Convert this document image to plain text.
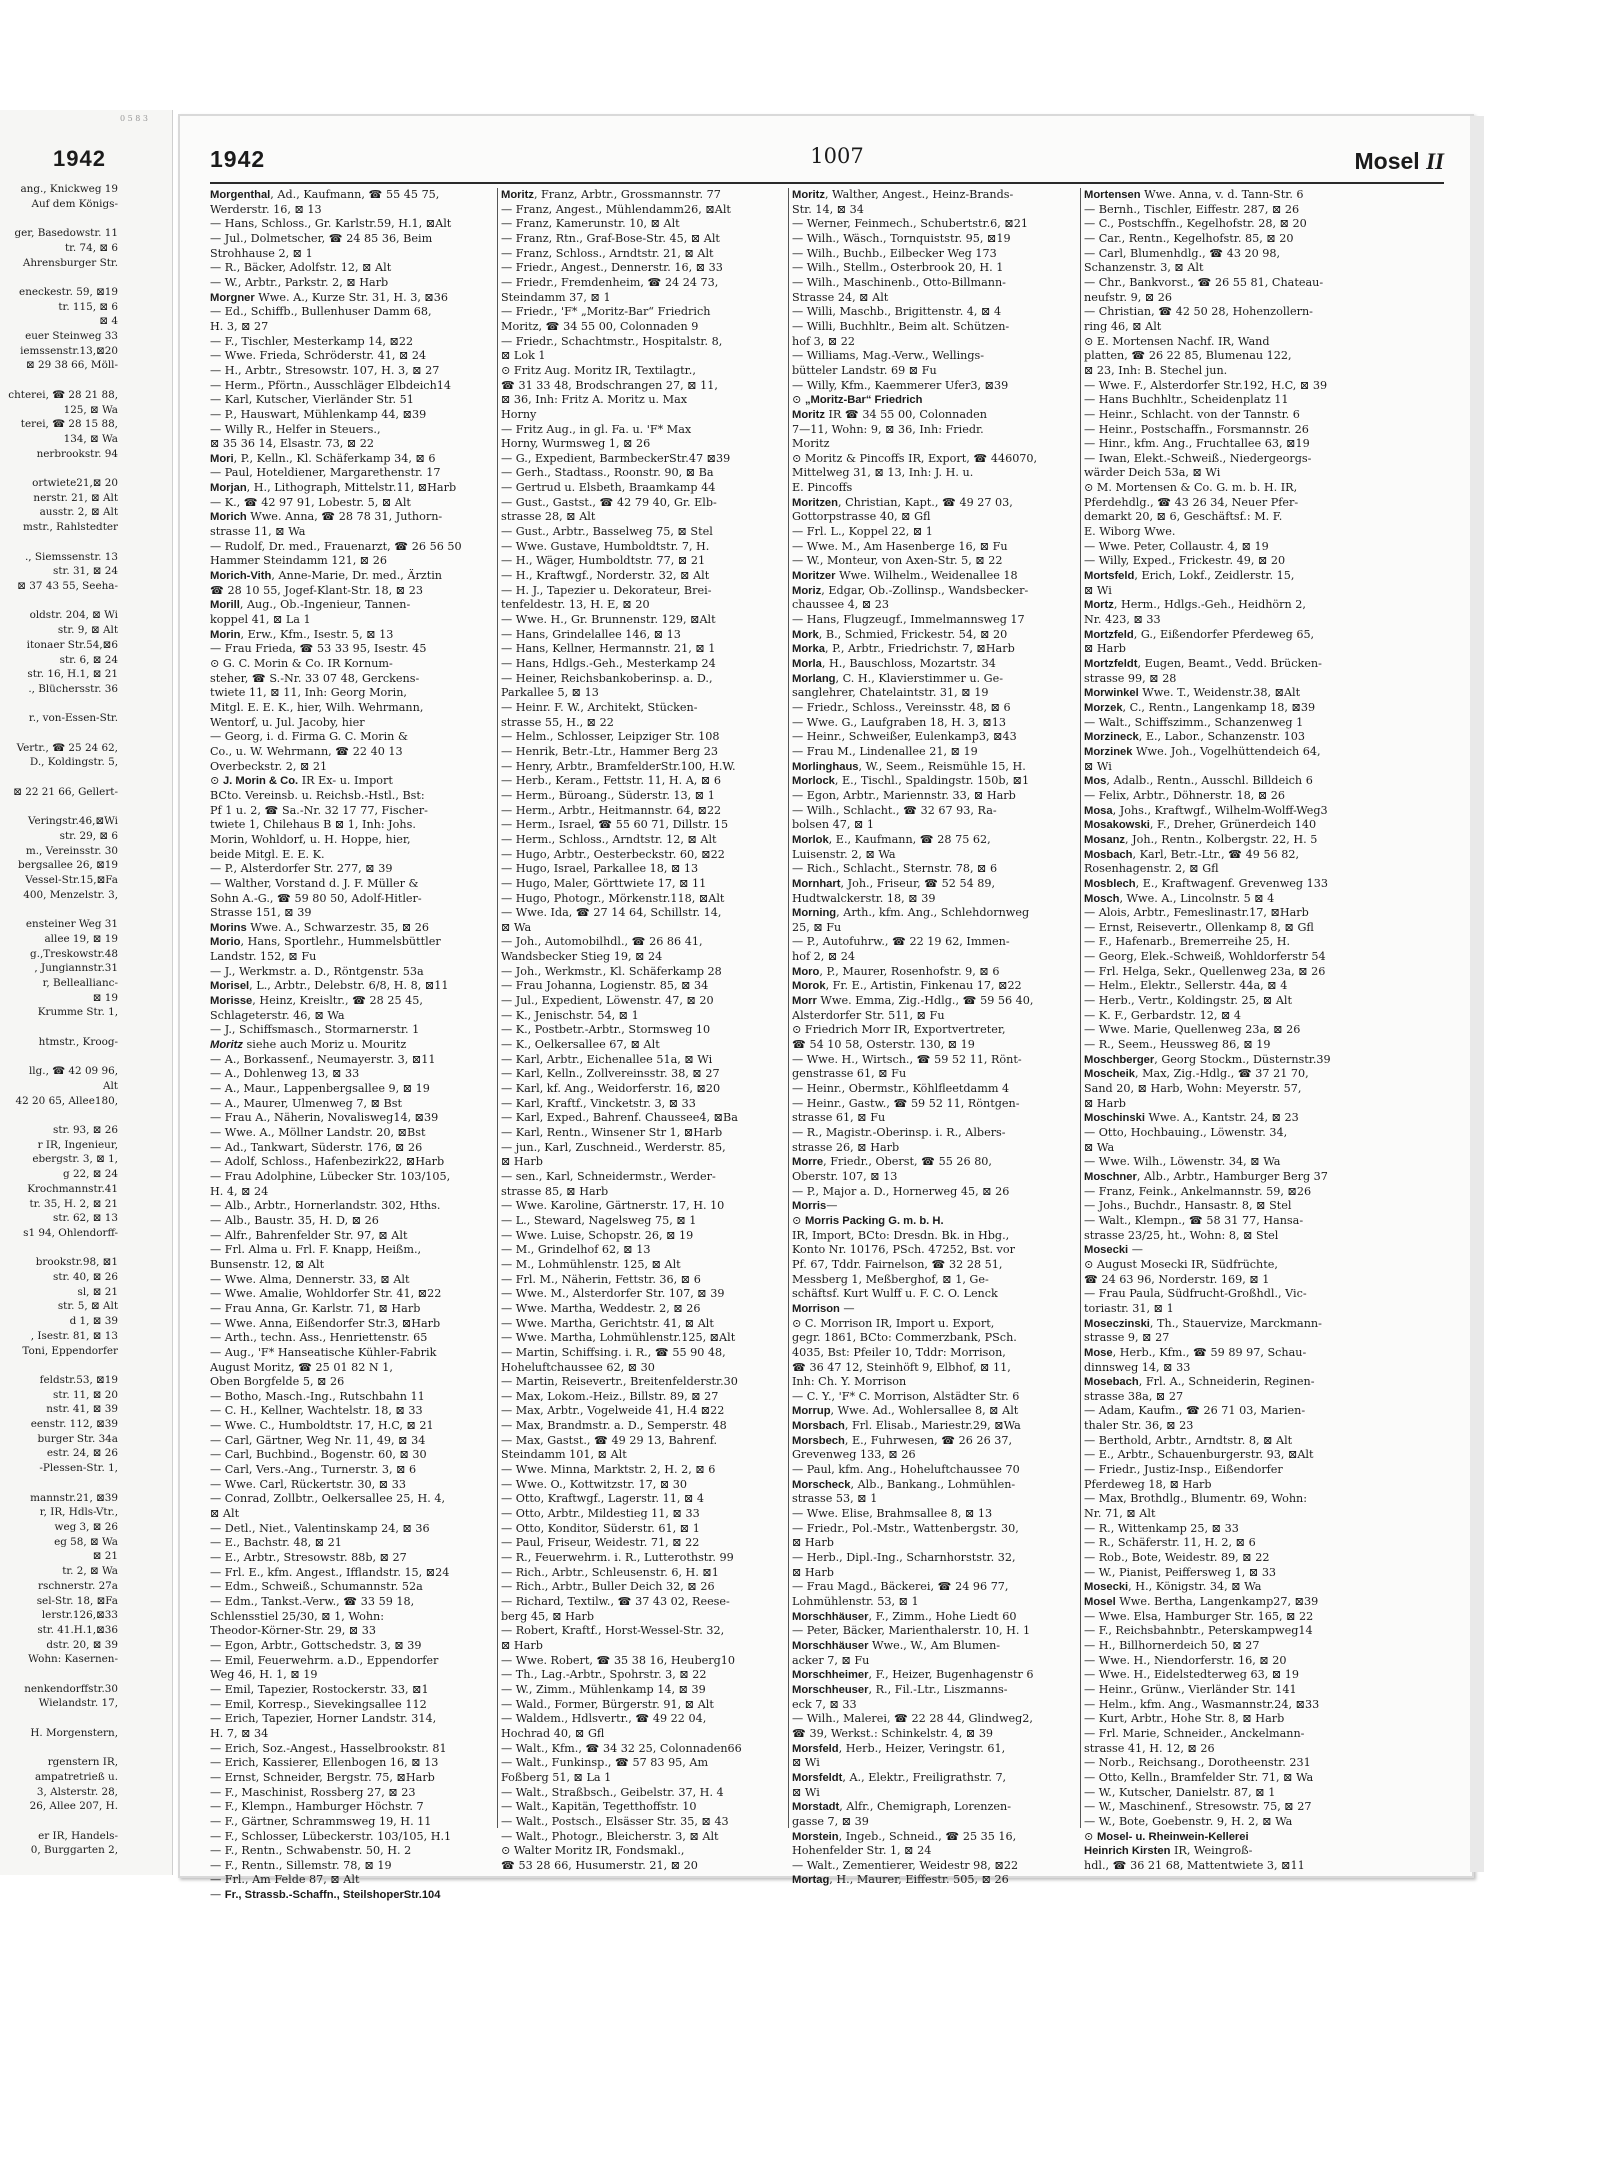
0 5 8 3
1942
ang., Knickweg 19
Auf dem Königs-

ger, Basedowstr. 11
tr. 74, ⊠ 6
Ahrensburger Str.

eneckestr. 59, ⊠19
tr. 115, ⊠ 6
⊠ 4
euer Steinweg 33
iemssenstr.13,⊠20
⊠ 29 38 66, Möll-

chterei, ☎ 28 21 88,
125, ⊠ Wa
terei, ☎ 28 15 88,
134, ⊠ Wa
nerbrookstr. 94

ortwiete21,⊠ 20
nerstr. 21, ⊠ Alt
ausstr. 2, ⊠ Alt
mstr., Rahlstedter

., Siemssenstr. 13
str. 31, ⊠ 24
⊠ 37 43 55, Seeha-

oldstr. 204, ⊠ Wi
str. 9, ⊠ Alt
itonaer Str.54,⊠6
str. 6, ⊠ 24
str. 16, H.1, ⊠ 21
., Blüchersstr. 36

r., von-Essen-Str.

Vertr., ☎ 25 24 62,
D., Koldingstr. 5,

⊠ 22 21 66, Gellert-

Veringstr.46,⊠Wi
str. 29, ⊠ 6
m., Vereinsstr. 30
bergsallee 26, ⊠19
Vessel-Str.15,⊠Fa
400, Menzelstr. 3,

ensteiner Weg 31
allee 19, ⊠ 19
g.,Treskowstr.48
, Jungiannstr.31
r, Belleallianc-
⊠ 19
Krumme Str. 1,

htmstr., Kroog-

llg., ☎ 42 09 96,
Alt
42 20 65, Allee180,

str. 93, ⊠ 26
r IR, Ingenieur,
ebergstr. 3, ⊠ 1,
g 22, ⊠ 24
Krochmannstr.41
tr. 35, H. 2, ⊠ 21
str. 62, ⊠ 13
s1 94, Ohlendorff-

brookstr.98, ⊠1
str. 40, ⊠ 26
sl, ⊠ 21
str. 5, ⊠ Alt
d 1, ⊠ 39
, Isestr. 81, ⊠ 13
Toni, Eppendorfer

feldstr.53, ⊠19
str. 11, ⊠ 20
nstr. 41, ⊠ 39
eenstr. 112, ⊠39
burger Str. 34a
estr. 24, ⊠ 26
-Plessen-Str. 1,

mannstr.21, ⊠39
r, IR, Hdls-Vtr.,
weg 3, ⊠ 26
eg 58, ⊠ Wa
⊠ 21
tr. 2, ⊠ Wa
rschnerstr. 27a
sel-Str. 18, ⊠Fa
lerstr.126,⊠33
str. 41.H.1,⊠36
dstr. 20, ⊠ 39
Wohn: Kasernen-

nenkendorffstr.30
Wielandstr. 17,

H. Morgenstern,

rgenstern IR,
ampatretrieß u.
3, Alsterstr. 28,
26, Allee 207, H.

er IR, Handels-
0, Burggarten 2,
1942	1007	Mosel II
Morgenthal, Ad., Kaufmann, ☎ 55 45 75,
Werderstr. 16, ⊠ 13
— Hans, Schloss., Gr. Karlstr.59, H.1, ⊠Alt
— Jul., Dolmetscher, ☎ 24 85 36, Beim
Strohhause 2, ⊠ 1
— R., Bäcker, Adolfstr. 12, ⊠ Alt
— W., Arbtr., Parkstr. 2, ⊠ Harb
Morgner Wwe. A., Kurze Str. 31, H. 3, ⊠36
— Ed., Schiffb., Bullenhuser Damm 68,
H. 3, ⊠ 27
— F., Tischler, Mesterkamp 14, ⊠22
— Wwe. Frieda, Schröderstr. 41, ⊠ 24
— H., Arbtr., Stresowstr. 107, H. 3, ⊠ 27
— Herm., Pförtn., Ausschläger Elbdeich14
— Karl, Kutscher, Vierländer Str. 51
— P., Hauswart, Mühlenkamp 44, ⊠39
— Willy R., Helfer in Steuers.,
⊠ 35 36 14, Elsastr. 73, ⊠ 22
Mori, P., Kelln., Kl. Schäferkamp 34, ⊠ 6
— Paul, Hoteldiener, Margarethenstr. 17
Morjan, H., Lithograph, Mittelstr.11, ⊠Harb
— K., ☎ 42 97 91, Lobestr. 5, ⊠ Alt
Morich Wwe. Anna, ☎ 28 78 31, Juthorn-
strasse 11, ⊠ Wa
— Rudolf, Dr. med., Frauenarzt, ☎ 26 56 50
Hammer Steindamm 121, ⊠ 26
Morich-Vith, Anne-Marie, Dr. med., Ärztin
☎ 28 10 55, Jogef-Klant-Str. 18, ⊠ 23
Morill, Aug., Ob.-Ingenieur, Tannen-
koppel 41, ⊠ La 1
Morin, Erw., Kfm., Isestr. 5, ⊠ 13
— Frau Frieda, ☎ 53 33 95, Isestr. 45
⊙ G. C. Morin & Co. IR Kornum-
steher, ☎ S.-Nr. 33 07 48, Gerckens-
twiete 11, ⊠ 11, Inh: Georg Morin,
Mitgl. E. E. K., hier, Wilh. Wehrmann,
Wentorf, u. Jul. Jacoby, hier
— Georg, i. d. Firma G. C. Morin &
Co., u. W. Wehrmann, ☎ 22 40 13
Overbeckstr. 2, ⊠ 21
⊙ J. Morin & Co. IR Ex- u. Import
BCto. Vereinsb. u. Reichsb.-Hstl., Bst:
Pf 1 u. 2, ☎ Sa.-Nr. 32 17 77, Fischer-
twiete 1, Chilehaus B ⊠ 1, Inh: Johs.
Morin, Wohldorf, u. H. Hoppe, hier,
beide Mitgl. E. E. K.
— P., Alsterdorfer Str. 277, ⊠ 39
— Walther, Vorstand d. J. F. Müller &
Sohn A.-G., ☎ 59 80 50, Adolf-Hitler-
Strasse 151, ⊠ 39
Morins Wwe. A., Schwarzestr. 35, ⊠ 26
Morio, Hans, Sportlehr., Hummelsbüttler
Landstr. 152, ⊠ Fu
— J., Werkmstr. a. D., Röntgenstr. 53a
Morisel, L., Arbtr., Delebstr. 6/8, H. 8, ⊠11
Morisse, Heinz, Kreisltr., ☎ 28 25 45,
Schlageterstr. 46, ⊠ Wa
— J., Schiffsmasch., Stormarnerstr. 1
Moritz siehe auch Moriz u. Mouritz
— A., Borkassenf., Neumayerstr. 3, ⊠11
— A., Dohlenweg 13, ⊠ 33
— A., Maur., Lappenbergsallee 9, ⊠ 19
— A., Maurer, Ulmenweg 7, ⊠ Bst
— Frau A., Näherin, Novalisweg14, ⊠39
— Wwe. A., Möllner Landstr. 20, ⊠Bst
— Ad., Tankwart, Süderstr. 176, ⊠ 26
— Adolf, Schloss., Hafenbezirk22, ⊠Harb
— Frau Adolphine, Lübecker Str. 103/105,
H. 4, ⊠ 24
— Alb., Arbtr., Hornerlandstr. 302, Hths.
— Alb., Baustr. 35, H. D, ⊠ 26
— Alfr., Bahrenfelder Str. 97, ⊠ Alt
— Frl. Alma u. Frl. F. Knapp, Heißm.,
Bunsenstr. 12, ⊠ Alt
— Wwe. Alma, Dennerstr. 33, ⊠ Alt
— Wwe. Amalie, Wohldorfer Str. 41, ⊠22
— Frau Anna, Gr. Karlstr. 71, ⊠ Harb
— Wwe. Anna, Eißendorfer Str.3, ⊠Harb
— Arth., techn. Ass., Henriettenstr. 65
— Aug., 'F* Hanseatische Kühler-Fabrik
August Moritz, ☎ 25 01 82 N 1,
Oben Borgfelde 5, ⊠ 26
— Botho, Masch.-Ing., Rutschbahn 11
— C. H., Kellner, Wachtelstr. 18, ⊠ 33
— Wwe. C., Humboldtstr. 17, H.C, ⊠ 21
— Carl, Gärtner, Weg Nr. 11, 49, ⊠ 34
— Carl, Buchbind., Bogenstr. 60, ⊠ 30
— Carl, Vers.-Ang., Turnerstr. 3, ⊠ 6
— Wwe. Carl, Rückertstr. 30, ⊠ 33
— Conrad, Zollbtr., Oelkersallee 25, H. 4,
⊠ Alt
— Detl., Niet., Valentinskamp 24, ⊠ 36
— E., Bachstr. 48, ⊠ 21
— E., Arbtr., Stresowstr. 88b, ⊠ 27
— Frl. E., kfm. Angest., Ifflandstr. 15, ⊠24
— Edm., Schweiß., Schumannstr. 52a
— Edm., Tankst.-Verw., ☎ 33 59 18,
Schlensstiel 25/30, ⊠ 1, Wohn:
Theodor-Körner-Str. 29, ⊠ 33
— Egon, Arbtr., Gottschedstr. 3, ⊠ 39
— Emil, Feuerwehrm. a.D., Eppendorfer
Weg 46, H. 1, ⊠ 19
— Emil, Tapezier, Rostockerstr. 33, ⊠1
— Emil, Korresp., Sievekingsallee 112
— Erich, Tapezier, Horner Landstr. 314,
H. 7, ⊠ 34
— Erich, Soz.-Angest., Hasselbrookstr. 81
— Erich, Kassierer, Ellenbogen 16, ⊠ 13
— Ernst, Schneider, Bergstr. 75, ⊠Harb
— F., Maschinist, Rossberg 27, ⊠ 23
— F., Klempn., Hamburger Höchstr. 7
— F., Gärtner, Schrammsweg 19, H. 11
— F., Schlosser, Lübeckerstr. 103/105, H.1
— F., Rentn., Schwabenstr. 50, H. 2
— F., Rentn., Sillemstr. 78, ⊠ 19
— Frl., Am Felde 87, ⊠ Alt
— Fr., Strassb.-Schaffn., SteilshoperStr.104
Moritz, Franz, Arbtr., Grossmannstr. 77
— Franz, Angest., Mühlendamm26, ⊠Alt
— Franz, Kamerunstr. 10, ⊠ Alt
— Franz, Rtn., Graf-Bose-Str. 45, ⊠ Alt
— Franz, Schloss., Arndtstr. 21, ⊠ Alt
— Friedr., Angest., Dennerstr. 16, ⊠ 33
— Friedr., Fremdenheim, ☎ 24 24 73,
Steindamm 37, ⊠ 1
— Friedr., 'F* „Moritz-Bar“ Friedrich
Moritz, ☎ 34 55 00, Colonnaden 9
— Friedr., Schachtmstr., Hospitalstr. 8,
⊠ Lok 1
⊙ Fritz Aug. Moritz IR, Textilagtr.,
☎ 31 33 48, Brodschrangen 27, ⊠ 11,
⊠ 36, Inh: Fritz A. Moritz u. Max
Horny
— Fritz Aug., in gl. Fa. u. 'F* Max
Horny, Wurmsweg 1, ⊠ 26
— G., Expedient, BarmbeckerStr.47 ⊠39
— Gerh., Stadtass., Roonstr. 90, ⊠ Ba
— Gertrud u. Elsbeth, Braamkamp 44
— Gust., Gastst., ☎ 42 79 40, Gr. Elb-
strasse 28, ⊠ Alt
— Gust., Arbtr., Basselweg 75, ⊠ Stel
— Wwe. Gustave, Humboldtstr. 7, H.
— H., Wäger, Humboldtstr. 77, ⊠ 21
— H., Kraftwgf., Norderstr. 32, ⊠ Alt
— H. J., Tapezier u. Dekorateur, Brei-
tenfeldestr. 13, H. E, ⊠ 20
— Wwe. H., Gr. Brunnenstr. 129, ⊠Alt
— Hans, Grindelallee 146, ⊠ 13
— Hans, Kellner, Hermannstr. 21, ⊠ 1
— Hans, Hdlgs.-Geh., Mesterkamp 24
— Heiner, Reichsbankoberinsp. a. D.,
Parkallee 5, ⊠ 13
— Heinr. F. W., Architekt, Stücken-
strasse 55, H., ⊠ 22
— Helm., Schlosser, Leipziger Str. 108
— Henrik, Betr.-Ltr., Hammer Berg 23
— Henry, Arbtr., BramfelderStr.100, H.W.
— Herb., Keram., Fettstr. 11, H. A, ⊠ 6
— Herm., Büroang., Süderstr. 13, ⊠ 1
— Herm., Arbtr., Heitmannstr. 64, ⊠22
— Herm., Israel, ☎ 55 60 71, Dillstr. 15
— Herm., Schloss., Arndtstr. 12, ⊠ Alt
— Hugo, Arbtr., Oesterbeckstr. 60, ⊠22
— Hugo, Israel, Parkallee 18, ⊠ 13
— Hugo, Maler, Görttwiete 17, ⊠ 11
— Hugo, Photogr., Mörkenstr.118, ⊠Alt
— Wwe. Ida, ☎ 27 14 64, Schillstr. 14,
⊠ Wa
— Joh., Automobilhdl., ☎ 26 86 41,
Wandsbecker Stieg 19, ⊠ 24
— Joh., Werkmstr., Kl. Schäferkamp 28
— Frau Johanna, Logienstr. 85, ⊠ 34
— Jul., Expedient, Löwenstr. 47, ⊠ 20
— K., Jenischstr. 54, ⊠ 1
— K., Postbetr.-Arbtr., Stormsweg 10
— K., Oelkersallee 67, ⊠ Alt
— Karl, Arbtr., Eichenallee 51a, ⊠ Wi
— Karl, Kelln., Zollvereinsstr. 38, ⊠ 27
— Karl, kf. Ang., Weidorferstr. 16, ⊠20
— Karl, Kraftf., Vincketstr. 3, ⊠ 33
— Karl, Exped., Bahrenf. Chaussee4, ⊠Ba
— Karl, Rentn., Winsener Str 1, ⊠Harb
— jun., Karl, Zuschneid., Werderstr. 85,
⊠ Harb
— sen., Karl, Schneidermstr., Werder-
strasse 85, ⊠ Harb
— Wwe. Karoline, Gärtnerstr. 17, H. 10
— L., Steward, Nagelsweg 75, ⊠ 1
— Wwe. Luise, Schopstr. 26, ⊠ 19
— M., Grindelhof 62, ⊠ 13
— M., Lohmühlenstr. 125, ⊠ Alt
— Frl. M., Näherin, Fettstr. 36, ⊠ 6
— Wwe. M., Alsterdorfer Str. 107, ⊠ 39
— Wwe. Martha, Weddestr. 2, ⊠ 26
— Wwe. Martha, Gerichtstr. 41, ⊠ Alt
— Wwe. Martha, Lohmühlenstr.125, ⊠Alt
— Martin, Schiffsing. i. R., ☎ 55 90 48,
Hoheluftchaussee 62, ⊠ 30
— Martin, Reisevertr., Breitenfelderstr.30
— Max, Lokom.-Heiz., Billstr. 89, ⊠ 27
— Max, Arbtr., Vogelweide 41, H.4 ⊠22
— Max, Brandmstr. a. D., Semperstr. 48
— Max, Gastst., ☎ 49 29 13, Bahrenf.
Steindamm 101, ⊠ Alt
— Wwe. Minna, Marktstr. 2, H. 2, ⊠ 6
— Wwe. O., Kottwitzstr. 17, ⊠ 30
— Otto, Kraftwgf., Lagerstr. 11, ⊠ 4
— Otto, Arbtr., Mildestieg 11, ⊠ 33
— Otto, Konditor, Süderstr. 61, ⊠ 1
— Paul, Friseur, Weidestr. 71, ⊠ 22
— R., Feuerwehrm. i. R., Lutterothstr. 99
— Rich., Arbtr., Schleusenstr. 6, H. ⊠1
— Rich., Arbtr., Buller Deich 32, ⊠ 26
— Richard, Textilw., ☎ 37 43 02, Reese-
berg 45, ⊠ Harb
— Robert, Kraftf., Horst-Wessel-Str. 32,
⊠ Harb
— Wwe. Robert, ☎ 35 38 16, Heuberg10
— Th., Lag.-Arbtr., Spohrstr. 3, ⊠ 22
— W., Zimm., Mühlenkamp 14, ⊠ 39
— Wald., Former, Bürgerstr. 91, ⊠ Alt
— Waldem., Hdlsvertr., ☎ 49 22 04,
Hochrad 40, ⊠ Gfl
— Walt., Kfm., ☎ 34 32 25, Colonnaden66
— Walt., Funkinsp., ☎ 57 83 95, Am
Foßberg 51, ⊠ La 1
— Walt., Straßbsch., Geibelstr. 37, H. 4
— Walt., Kapitän, Tegetthoffstr. 10
— Walt., Postsch., Elsässer Str. 35, ⊠ 43
— Walt., Photogr., Bleicherstr. 3, ⊠ Alt
⊙ Walter Moritz IR, Fondsmakl.,
☎ 53 28 66, Husumerstr. 21, ⊠ 20
Moritz, Walther, Angest., Heinz-Brands-
Str. 14, ⊠ 34
— Werner, Feinmech., Schubertstr.6, ⊠21
— Wilh., Wäsch., Tornquiststr. 95, ⊠19
— Wilh., Buchb., Eilbecker Weg 173
— Wilh., Stellm., Osterbrook 20, H. 1
— Wilh., Maschinenb., Otto-Billmann-
Strasse 24, ⊠ Alt
— Willi, Maschb., Brigittenstr. 4, ⊠ 4
— Willi, Buchhltr., Beim alt. Schützen-
hof 3, ⊠ 22
— Williams, Mag.-Verw., Wellings-
bütteler Landstr. 69 ⊠ Fu
— Willy, Kfm., Kaemmerer Ufer3, ⊠39
⊙ „Moritz-Bar“ Friedrich
Moritz IR ☎ 34 55 00, Colonnaden
7—11, Wohn: 9, ⊠ 36, Inh: Friedr.
Moritz
⊙ Moritz & Pincoffs IR, Export, ☎ 446070,
Mittelweg 31, ⊠ 13, Inh: J. H. u.
E. Pincoffs
Moritzen, Christian, Kapt., ☎ 49 27 03,
Gottorpstrasse 40, ⊠ Gfl
— Frl. L., Koppel 22, ⊠ 1
— Wwe. M., Am Hasenberge 16, ⊠ Fu
— W., Monteur, von Axen-Str. 5, ⊠ 22
Moritzer Wwe. Wilhelm., Weidenallee 18
Moriz, Edgar, Ob.-Zollinsp., Wandsbecker-
chaussee 4, ⊠ 23
— Hans, Flugzeugf., Immelmannsweg 17
Mork, B., Schmied, Frickestr. 54, ⊠ 20
Morka, P., Arbtr., Friedrichstr. 7, ⊠Harb
Morla, H., Bauschloss, Mozartstr. 34
Morlang, C. H., Klavierstimmer u. Ge-
sanglehrer, Chatelaintstr. 31, ⊠ 19
— Friedr., Schloss., Vereinsstr. 48, ⊠ 6
— Wwe. G., Laufgraben 18, H. 3, ⊠13
— Heinr., Schweißer, Eulenkamp3, ⊠43
— Frau M., Lindenallee 21, ⊠ 19
Morlinghaus, W., Seem., Reismühle 15, H.
Morlock, E., Tischl., Spaldingstr. 150b, ⊠1
— Egon, Arbtr., Mariennstr. 33, ⊠ Harb
— Wilh., Schlacht., ☎ 32 67 93, Ra-
bolsen 47, ⊠ 1
Morlok, E., Kaufmann, ☎ 28 75 62,
Luisenstr. 2, ⊠ Wa
— Rich., Schlacht., Sternstr. 78, ⊠ 6
Mornhart, Joh., Friseur, ☎ 52 54 89,
Hudtwalckerstr. 18, ⊠ 39
Morning, Arth., kfm. Ang., Schlehdornweg
25, ⊠ Fu
— P., Autofuhrw., ☎ 22 19 62, Immen-
hof 2, ⊠ 24
Moro, P., Maurer, Rosenhofstr. 9, ⊠ 6
Morok, Fr. E., Artistin, Finkenau 17, ⊠22
Morr Wwe. Emma, Zig.-Hdlg., ☎ 59 56 40,
Alsterdorfer Str. 511, ⊠ Fu
⊙ Friedrich Morr IR, Exportvertreter,
☎ 54 10 58, Osterstr. 130, ⊠ 19
— Wwe. H., Wirtsch., ☎ 59 52 11, Rönt-
genstrasse 61, ⊠ Fu
— Heinr., Obermstr., Köhlfleetdamm 4
— Heinr., Gastw., ☎ 59 52 11, Röntgen-
strasse 61, ⊠ Fu
— R., Magistr.-Oberinsp. i. R., Albers-
strasse 26, ⊠ Harb
Morre, Friedr., Oberst, ☎ 55 26 80,
Oberstr. 107, ⊠ 13
— P., Major a. D., Hornerweg 45, ⊠ 26
Morris—
⊙ Morris Packing G. m. b. H.
IR, Import, BCto: Dresdn. Bk. in Hbg.,
Konto Nr. 10176, PSch. 47252, Bst. vor
Pf. 67, Tddr. Fairnelson, ☎ 32 28 51,
Messberg 1, Meßberghof, ⊠ 1, Ge-
schäftsf. Kurt Wulff u. F. C. O. Lenck
Morrison —
⊙ C. Morrison IR, Import u. Export,
gegr. 1861, BCto: Commerzbank, PSch.
4035, Bst: Pfeiler 10, Tddr: Morrison,
☎ 36 47 12, Steinhöft 9, Elbhof, ⊠ 11,
Inh: Ch. Y. Morrison
— C. Y., 'F* C. Morrison, Alstädter Str. 6
Morrup, Wwe. Ad., Wohlersallee 8, ⊠ Alt
Morsbach, Frl. Elisab., Mariestr.29, ⊠Wa
Morsbech, E., Fuhrwesen, ☎ 26 26 37,
Grevenweg 133, ⊠ 26
— Paul, kfm. Ang., Hoheluftchaussee 70
Morscheck, Alb., Bankang., Lohmühlen-
strasse 53, ⊠ 1
— Wwe. Elise, Brahmsallee 8, ⊠ 13
— Friedr., Pol.-Mstr., Wattenbergstr. 30,
⊠ Harb
— Herb., Dipl.-Ing., Scharnhorststr. 32,
⊠ Harb
— Frau Magd., Bäckerei, ☎ 24 96 77,
Lohmühlenstr. 53, ⊠ 1
Morschhäuser, F., Zimm., Hohe Liedt 60
— Peter, Bäcker, Marienthalerstr. 10, H. 1
Morschhäuser Wwe., W., Am Blumen-
acker 7, ⊠ Fu
Morschheimer, F., Heizer, Bugenhagenstr 6
Morschheuser, R., Fil.-Ltr., Liszmanns-
eck 7, ⊠ 33
— Wilh., Malerei, ☎ 22 28 44, Glindweg2,
☎ 39, Werkst.: Schinkelstr. 4, ⊠ 39
Morsfeld, Herb., Heizer, Veringstr. 61,
⊠ Wi
Morsfeldt, A., Elektr., Freiligrathstr. 7,
⊠ Wi
Morstadt, Alfr., Chemigraph, Lorenzen-
gasse 7, ⊠ 39
Morstein, Ingeb., Schneid., ☎ 25 35 16,
Hohenfelder Str. 1, ⊠ 24
— Walt., Zementierer, Weidestr 98, ⊠22
Mortag, H., Maurer, Eiffestr. 505, ⊠ 26
Mortensen Wwe. Anna, v. d. Tann-Str. 6
— Bernh., Tischler, Eiffestr. 287, ⊠ 26
— C., Postschffn., Kegelhofstr. 28, ⊠ 20
— Car., Rentn., Kegelhofstr. 85, ⊠ 20
— Carl, Blumenhdlg., ☎ 43 20 98,
Schanzenstr. 3, ⊠ Alt
— Chr., Bankvorst., ☎ 26 55 81, Chateau-
neufstr. 9, ⊠ 26
— Christian, ☎ 42 50 28, Hohenzollern-
ring 46, ⊠ Alt
⊙ E. Mortensen Nachf. IR, Wand
platten, ☎ 26 22 85, Blumenau 122,
⊠ 23, Inh: B. Stechel jun.
— Wwe. F., Alsterdorfer Str.192, H.C, ⊠ 39
— Hans Buchhltr., Scheidenplatz 11
— Heinr., Schlacht. von der Tannstr. 6
— Heinr., Postschaffn., Forsmannstr. 26
— Hinr., kfm. Ang., Fruchtallee 63, ⊠19
— Iwan, Elekt.-Schweiß., Niedergeorgs-
wärder Deich 53a, ⊠ Wi
⊙ M. Mortensen & Co. G. m. b. H. IR,
Pferdehdlg., ☎ 43 26 34, Neuer Pfer-
demarkt 20, ⊠ 6, Geschäftsf.: M. F.
E. Wiborg Wwe.
— Wwe. Peter, Collaustr. 4, ⊠ 19
— Willy, Exped., Frickestr. 49, ⊠ 20
Mortsfeld, Erich, Lokf., Zeidlerstr. 15,
⊠ Wi
Mortz, Herm., Hdlgs.-Geh., Heidhörn 2,
Nr. 423, ⊠ 33
Mortzfeld, G., Eißendorfer Pferdeweg 65,
⊠ Harb
Mortzfeldt, Eugen, Beamt., Vedd. Brücken-
strasse 99, ⊠ 28
Morwinkel Wwe. T., Weidenstr.38, ⊠Alt
Morzek, C., Rentn., Langenkamp 18, ⊠39
— Walt., Schiffszimm., Schanzenweg 1
Morzineck, E., Labor., Schanzenstr. 103
Morzinek Wwe. Joh., Vogelhüttendeich 64,
⊠ Wi
Mos, Adalb., Rentn., Ausschl. Billdeich 6
— Felix, Arbtr., Döhnerstr. 18, ⊠ 26
Mosa, Johs., Kraftwgf., Wilhelm-Wolff-Weg3
Mosakowski, F., Dreher, Grünerdeich 140
Mosanz, Joh., Rentn., Kolbergstr. 22, H. 5
Mosbach, Karl, Betr.-Ltr., ☎ 49 56 82,
Rosenhagenstr. 2, ⊠ Gfl
Mosblech, E., Kraftwagenf. Grevenweg 133
Mosch, Wwe. A., Lincolnstr. 5 ⊠ 4
— Alois, Arbtr., Femeslinastr.17, ⊠Harb
— Ernst, Reisevertr., Ollenkamp 8, ⊠ Gfl
— F., Hafenarb., Bremerreihe 25, H.
— Georg, Elek.-Schweiß, Wohldorferstr 54
— Frl. Helga, Sekr., Quellenweg 23a, ⊠ 26
— Helm., Elektr., Sellerstr. 44a, ⊠ 4
— Herb., Vertr., Koldingstr. 25, ⊠ Alt
— K. F., Gerbardstr. 12, ⊠ 4
— Wwe. Marie, Quellenweg 23a, ⊠ 26
— R., Seem., Heussweg 86, ⊠ 19
Moschberger, Georg Stockm., Düsternstr.39
Moscheik, Max, Zig.-Hdlg., ☎ 37 21 70,
Sand 20, ⊠ Harb, Wohn: Meyerstr. 57,
⊠ Harb
Moschinski Wwe. A., Kantstr. 24, ⊠ 23
— Otto, Hochbauing., Löwenstr. 34,
⊠ Wa
— Wwe. Wilh., Löwenstr. 34, ⊠ Wa
Moschner, Alb., Arbtr., Hamburger Berg 37
— Franz, Feink., Ankelmannstr. 59, ⊠26
— Johs., Buchdr., Hansastr. 8, ⊠ Stel
— Walt., Klempn., ☎ 58 31 77, Hansa-
strasse 23/25, ht., Wohn: 8, ⊠ Stel
Mosecki —
⊙ August Mosecki IR, Südfrüchte,
☎ 24 63 96, Norderstr. 169, ⊠ 1
— Frau Paula, Südfrucht-Großhdl., Vic-
toriastr. 31, ⊠ 1
Moseczinski, Th., Stauervize, Marckmann-
strasse 9, ⊠ 27
Mose, Herb., Kfm., ☎ 59 89 97, Schau-
dinnsweg 14, ⊠ 33
Mosebach, Frl. A., Schneiderin, Reginen-
strasse 38a, ⊠ 27
— Adam, Kaufm., ☎ 26 71 03, Marien-
thaler Str. 36, ⊠ 23
— Berthold, Arbtr., Arndtstr. 8, ⊠ Alt
— E., Arbtr., Schauenburgerstr. 93, ⊠Alt
— Friedr., Justiz-Insp., Eißendorfer
Pferdeweg 18, ⊠ Harb
— Max, Brothdlg., Blumentr. 69, Wohn:
Nr. 71, ⊠ Alt
— R., Wittenkamp 25, ⊠ 33
— R., Schäferstr. 11, H. 2, ⊠ 6
— Rob., Bote, Weidestr. 89, ⊠ 22
— W., Pianist, Peiffersweg 1, ⊠ 33
Mosecki, H., Königstr. 34, ⊠ Wa
Mosel Wwe. Bertha, Langenkamp27, ⊠39
— Wwe. Elsa, Hamburger Str. 165, ⊠ 22
— F., Reichsbahnbtr., Peterskampweg14
— H., Billhornerdeich 50, ⊠ 27
— Wwe. H., Niendorferstr. 16, ⊠ 20
— Wwe. H., Eidelstedterweg 63, ⊠ 19
— Heinr., Grünw., Vierländer Str. 141
— Helm., kfm. Ang., Wasmannstr.24, ⊠33
— Kurt, Arbtr., Hohe Str. 8, ⊠ Harb
— Frl. Marie, Schneider., Anckelmann-
strasse 41, H. 12, ⊠ 26
— Norb., Reichsang., Dorotheenstr. 231
— Otto, Kelln., Bramfelder Str. 71, ⊠ Wa
— W., Kutscher, Danielstr. 87, ⊠ 1
— W., Maschinenf., Stresowstr. 75, ⊠ 27
— W., Bote, Goebenstr. 9, H. 2, ⊠ Wa
⊙ Mosel- u. Rheinwein-Kellerei
Heinrich Kirsten IR, Weingroß-
hdl., ☎ 36 21 68, Mattentwiete 3, ⊠11
